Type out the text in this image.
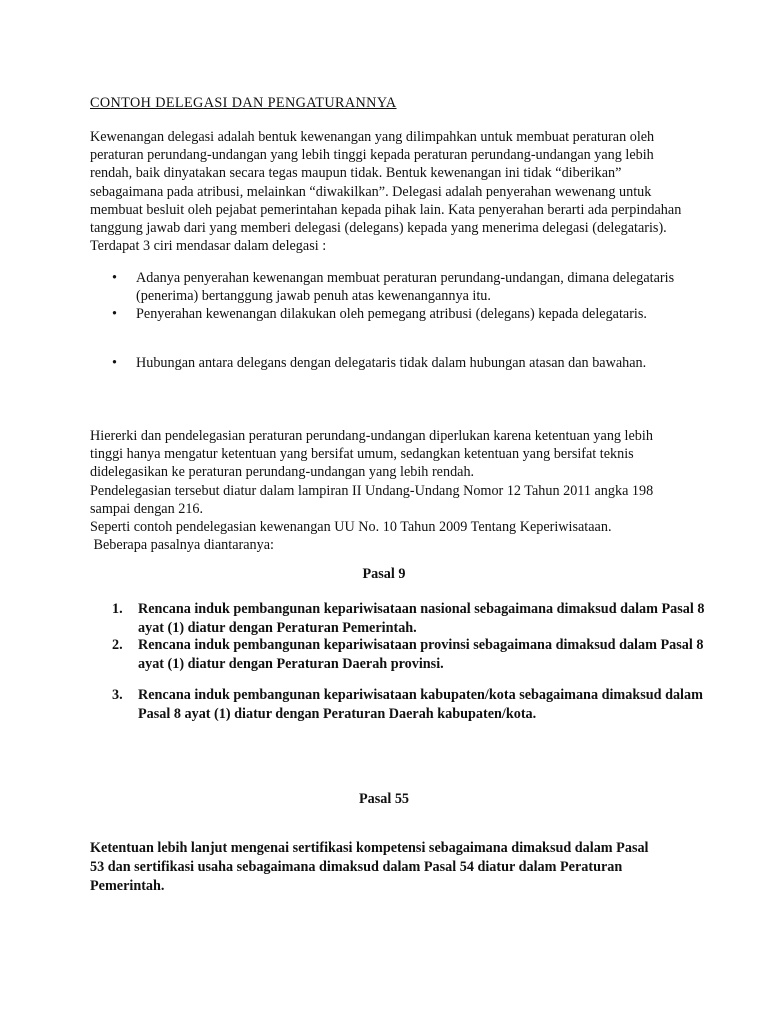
CONTOH DELEGASI DAN PENGATURANNYA

Kewenangan delegasi adalah bentuk kewenangan yang dilimpahkan untuk membuat peraturan oleh peraturan perundang-undangan yang lebih tinggi kepada peraturan perundang-undangan yang lebih rendah, baik dinyatakan secara tegas maupun tidak. Bentuk kewenangan ini tidak “diberikan” sebagaimana pada atribusi, melainkan “diwakilkan”. Delegasi adalah penyerahan wewenang untuk membuat besluit oleh pejabat pemerintahan kepada pihak lain. Kata penyerahan berarti ada perpindahan tanggung jawab dari yang memberi delegasi (delegans) kepada yang menerima delegasi (delegataris). Terdapat 3 ciri mendasar dalam delegasi :

• Adanya penyerahan kewenangan membuat peraturan perundang-undangan, dimana delegataris (penerima) bertanggung jawab penuh atas kewenangannya itu.
• Penyerahan kewenangan dilakukan oleh pemegang atribusi (delegans) kepada delegataris.
• Hubungan antara delegans dengan delegataris tidak dalam hubungan atasan dan bawahan.
Hiererki dan pendelegasian peraturan perundang-undangan diperlukan karena ketentuan yang lebih tinggi hanya mengatur ketentuan yang bersifat umum, sedangkan ketentuan yang bersifat teknis didelegasikan ke peraturan perundang-undangan yang lebih rendah.
Pendelegasian tersebut diatur dalam lampiran II Undang-Undang Nomor 12 Tahun 2011 angka 198 sampai dengan 216.
Seperti contoh pendelegasian kewenangan UU No. 10 Tahun 2009 Tentang Keperiwisataan.
Beberapa pasalnya diantaranya:
Pasal 9
1. Rencana induk pembangunan kepariwisataan nasional sebagaimana dimaksud dalam Pasal 8 ayat (1) diatur dengan Peraturan Pemerintah.
2. Rencana induk pembangunan kepariwisataan provinsi sebagaimana dimaksud dalam Pasal 8 ayat (1) diatur dengan Peraturan Daerah provinsi.
3. Rencana induk pembangunan kepariwisataan kabupaten/kota sebagaimana dimaksud dalam Pasal 8 ayat (1) diatur dengan Peraturan Daerah kabupaten/kota.
Pasal 55

Ketentuan lebih lanjut mengenai sertifikasi kompetensi sebagaimana dimaksud dalam Pasal 53 dan sertifikasi usaha sebagaimana dimaksud dalam Pasal 54 diatur dalam Peraturan Pemerintah.
